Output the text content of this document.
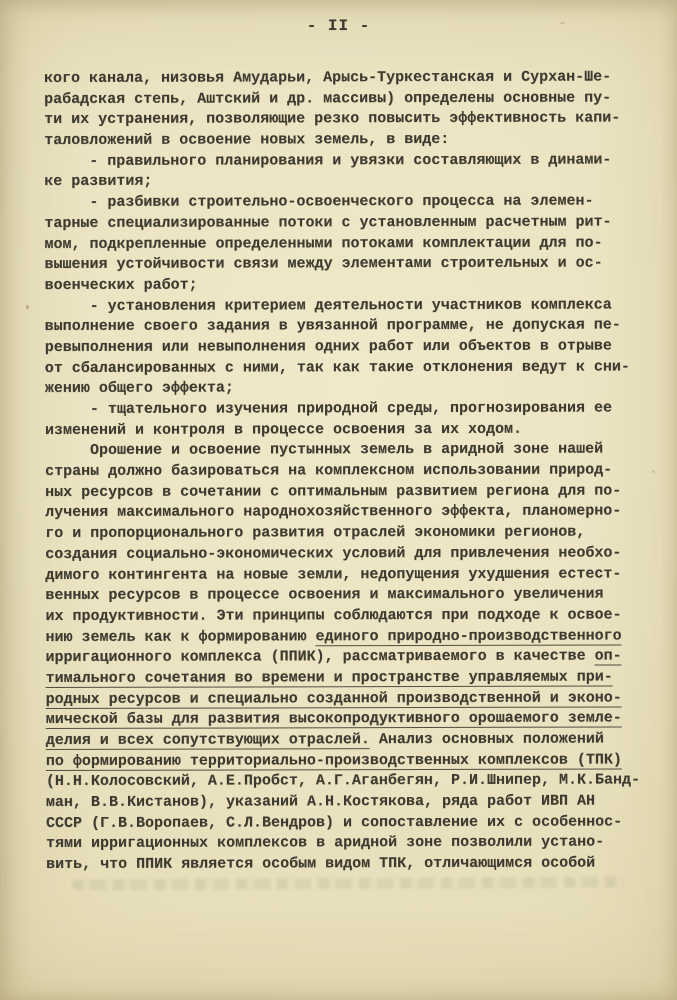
- II -
кого канала, низовья Амударьи, Арысь-Туркестанская и Сурхан-Ше-
рабадская степь, Аштский и др. массивы) определены основные пу-
ти их устранения, позволяющие резко повысить эффективность капи-
таловложений в освоение новых земель, в виде:
- правильного планирования и увязки составляющих в динами-
ке развития;
- разбивки строительно-освоенческого процесса на элемен-
тарные специализированные потоки с установленным расчетным рит-
мом, подкрепленные определенными потоками комплектации для по-
вышения устойчивости связи между элементами строительных и ос-
военческих работ;
- установления критерием деятельности участников комплекса
выполнение своего задания в увязанной программе, не допуская пе-
ревыполнения или невыполнения одних работ или объектов в отрыве
от сбалансированных с ними, так как такие отклонения ведут к сни-
жению общего эффекта;
- тщательного изучения природной среды, прогнозирования ее
изменений и контроля в процессе освоения за их ходом.
Орошение и освоение пустынных земель в аридной зоне нашей
страны должно базироваться на комплексном использовании природ-
ных ресурсов в сочетании с оптимальным развитием региона для по-
лучения максимального народнохозяйственного эффекта, планомерно-
го и пропорционального развития отраслей экономики регионов,
создания социально-экономических условий для привлечения необхо-
димого контингента на новые земли, недопущения ухудшения естест-
венных ресурсов в процессе освоения и максимального увеличения
их продуктивности. Эти принципы соблюдаются при подходе к освое-
нию земель как к формированию единого природно-производственного
ирригационного комплекса (ППИК), рассматриваемого в качестве оп-
тимального сочетания во времени и пространстве управляемых при-
родных ресурсов и специально созданной производственной и эконо-
мической базы для развития высокопродуктивного орошаемого земле-
делия и всех сопутствующих отраслей. Анализ основных положений
по формированию территориально-производственных комплексов (ТПК)
(Н.Н.Колосовский, А.Е.Пробст, А.Г.Аганбегян, Р.И.Шнипер, М.К.Банд-
ман, В.В.Кистанов), указаний А.Н.Костякова, ряда работ ИВП АН
СССР (Г.В.Воропаев, С.Л.Вендров) и сопоставление их с особеннос-
тями ирригационных комплексов в аридной зоне позволили устано-
вить, что ППИК является особым видом ТПК, отличающимся особой
